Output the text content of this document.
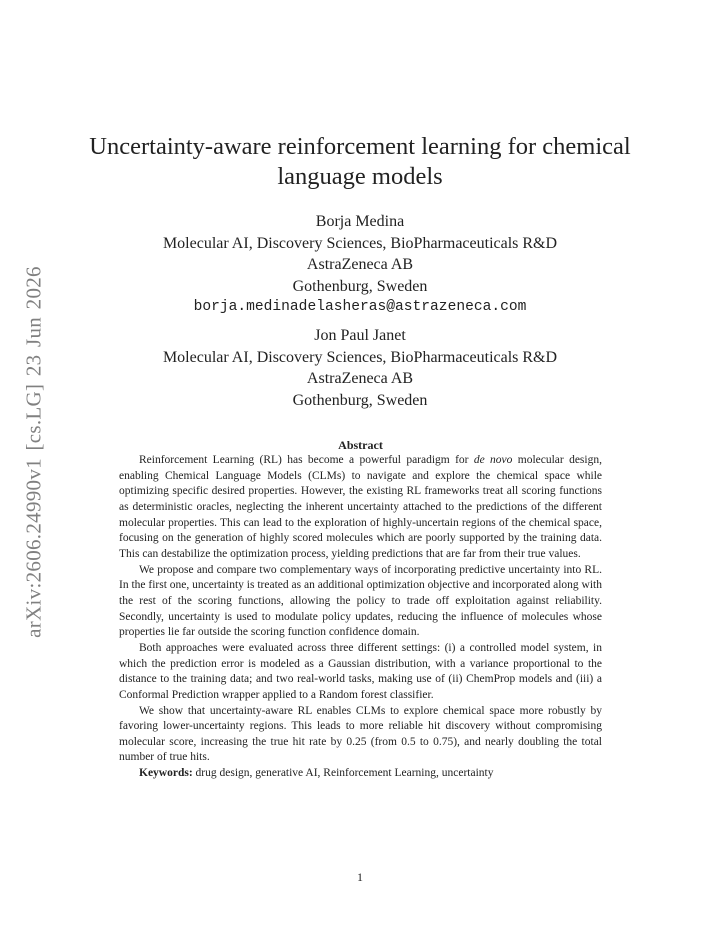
arXiv:2606.24990v1 [cs.LG] 23 Jun 2026
Uncertainty-aware reinforcement learning for chemical language models
Borja Medina
Molecular AI, Discovery Sciences, BioPharmaceuticals R&D
AstraZeneca AB
Gothenburg, Sweden
borja.medinadelasheras@astrazeneca.com
Jon Paul Janet
Molecular AI, Discovery Sciences, BioPharmaceuticals R&D
AstraZeneca AB
Gothenburg, Sweden
Abstract

Reinforcement Learning (RL) has become a powerful paradigm for de novo molecular design, enabling Chemical Language Models (CLMs) to navigate and explore the chemical space while optimizing specific desired properties. However, the existing RL frameworks treat all scoring functions as deterministic oracles, neglecting the inherent uncertainty attached to the predictions of the different molecular properties. This can lead to the exploration of highly-uncertain regions of the chemical space, focusing on the generation of highly scored molecules which are poorly supported by the training data. This can destabilize the optimization process, yielding predictions that are far from their true values.

We propose and compare two complementary ways of incorporating predictive uncertainty into RL. In the first one, uncertainty is treated as an additional optimization objective and incorporated along with the rest of the scoring functions, allowing the policy to trade off exploitation against reliability. Secondly, uncertainty is used to modulate policy updates, reducing the influence of molecules whose properties lie far outside the scoring function confidence domain.

Both approaches were evaluated across three different settings: (i) a controlled model system, in which the prediction error is modeled as a Gaussian distribution, with a variance proportional to the distance to the training data; and two real-world tasks, making use of (ii) ChemProp models and (iii) a Conformal Prediction wrapper applied to a Random forest classifier.

We show that uncertainty-aware RL enables CLMs to explore chemical space more robustly by favoring lower-uncertainty regions. This leads to more reliable hit discovery without compromising molecular score, increasing the true hit rate by 0.25 (from 0.5 to 0.75), and nearly doubling the total number of true hits.

Keywords: drug design, generative AI, Reinforcement Learning, uncertainty

1
